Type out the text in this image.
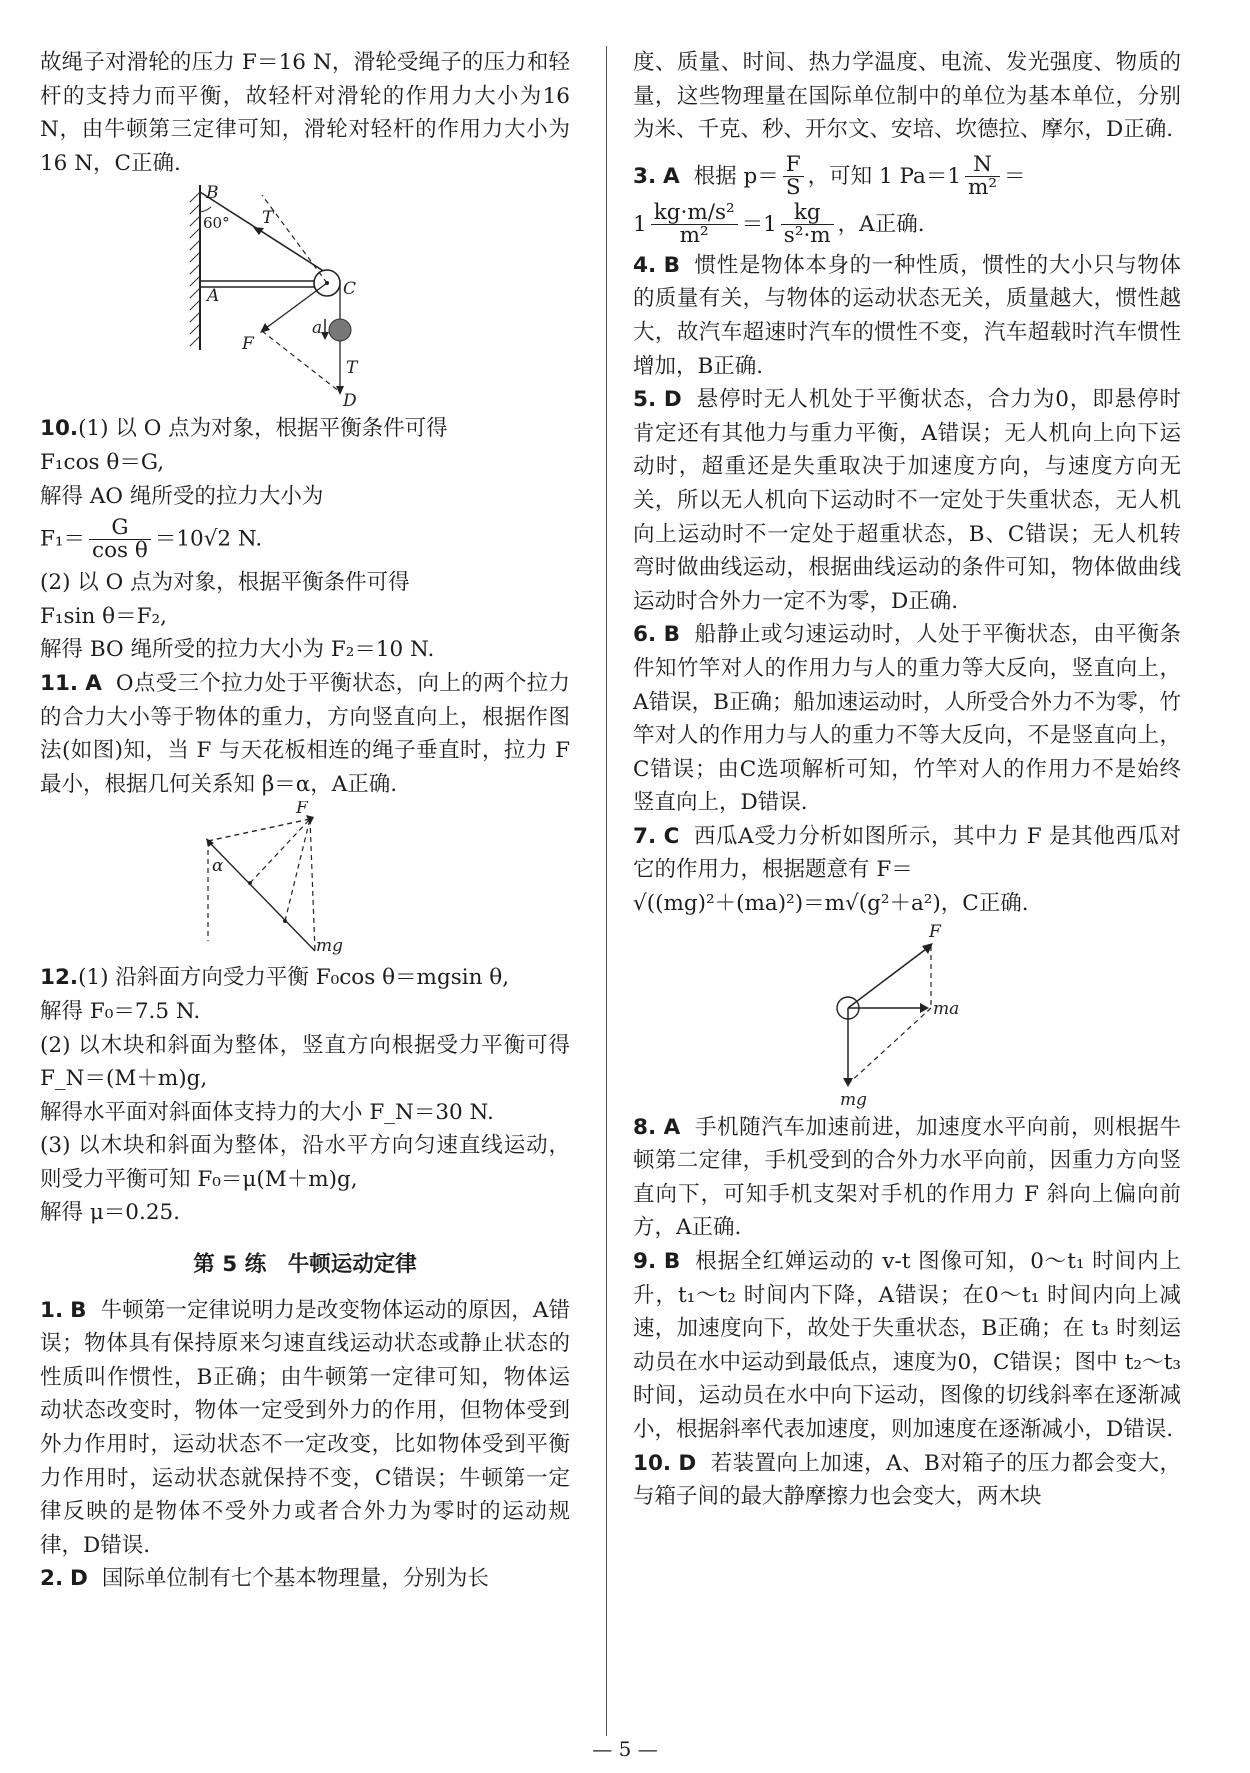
故绳子对滑轮的压力 F＝16 N，滑轮受绳子的压力和轻杆的支持力而平衡，故轻杆对滑轮的作用力大小为16 N，由牛顿第三定律可知，滑轮对轻杆的作用力大小为16 N，C正确.

B
60° T
A	C
a
F
T
D

10.(1) 以 O 点为对象，根据平衡条件可得

F₁cos θ＝G,

解得 AO 绳所受的拉力大小为

$F_1= \frac{G}{\text{cos θ}} =10√2$ N.

(2) 以 O 点为对象，根据平衡条件可得

F₁sin θ＝F₂,

解得 BO 绳所受的拉力大小为 F₂＝10 N.

11. A O点受三个拉力处于平衡状态，向上的两个拉力的合力大小等于物体的重力，方向竖直向上，根据作图法(如图)知，当 F 与天花板相连的绳子垂直时，拉力 F 最小，根据几何关系知 β＝α，A正确.

F
α
mg

12.(1) 沿斜面方向受力平衡 F₀cos θ＝mgsin θ,

解得 F₀＝7.5 N.

(2) 以木块和斜面为整体，竖直方向根据受力平衡可得 F_N＝(M＋m)g,

解得水平面对斜面体支持力的大小 F_N＝30 N.

(3) 以木块和斜面为整体，沿水平方向匀速直线运动，则受力平衡可知 F₀＝μ(M＋m)g,

解得 μ＝0.25.

第 5 练　牛顿运动定律

1. B 牛顿第一定律说明力是改变物体运动的原因，A错误；物体具有保持原来匀速直线运动状态或静止状态的性质叫作惯性，B正确；由牛顿第一定律可知，物体运动状态改变时，物体一定受到外力的作用，但物体受到外力作用时，运动状态不一定改变，比如物体受到平衡力作用时，运动状态就保持不变，C错误；牛顿第一定律反映的是物体不受外力或者合外力为零时的运动规律，D错误.

2. D 国际单位制有七个基本物理量，分别为长

度、质量、时间、热力学温度、电流、发光强度、物质的量，这些物理量在国际单位制中的单位为基本单位，分别为米、千克、秒、开尔文、安培、坎德拉、摩尔，D正确.

3. A 根据 $p= \frac{F}{S}$ ，可知 1 $Pa=1 \frac{N}{\text{m²}}$ ＝

$1 \frac{\text{kg·m/s²}}{\text{m²}} =1 \frac{kg}{\text{s²·m}}$ ，A正确.

4. B 惯性是物体本身的一种性质，惯性的大小只与物体的质量有关，与物体的运动状态无关，质量越大，惯性越大，故汽车超速时汽车的惯性不变，汽车超载时汽车惯性增加，B正确.

5. D 悬停时无人机处于平衡状态，合力为0，即悬停时肯定还有其他力与重力平衡，A错误；无人机向上向下运动时，超重还是失重取决于加速度方向，与速度方向无关，所以无人机向下运动时不一定处于失重状态，无人机向上运动时不一定处于超重状态，B、C错误；无人机转弯时做曲线运动，根据曲线运动的条件可知，物体做曲线运动时合外力一定不为零，D正确.

6. B 船静止或匀速运动时，人处于平衡状态，由平衡条件知竹竿对人的作用力与人的重力等大反向，竖直向上，A错误，B正确；船加速运动时，人所受合外力不为零，竹竿对人的作用力与人的重力不等大反向，不是竖直向上，C错误；由C选项解析可知，竹竿对人的作用力不是始终竖直向上，D错误.

7. C 西瓜A受力分析如图所示，其中力 F 是其他西瓜对它的作用力，根据题意有 F＝

√((mg)²＋(ma)²)＝m√(g²＋a²)，C正确.

F
ma
mg

8. A 手机随汽车加速前进，加速度水平向前，则根据牛顿第二定律，手机受到的合外力水平向前，因重力方向竖直向下，可知手机支架对手机的作用力 F 斜向上偏向前方，A正确.

9. B 根据全红婵运动的 v-t 图像可知，0～t₁ 时间内上升，t₁～t₂ 时间内下降，A错误；在0～t₁ 时间内向上减速，加速度向下，故处于失重状态，B正确；在 t₃ 时刻运动员在水中运动到最低点，速度为0，C错误；图中 t₂～t₃ 时间，运动员在水中向下运动，图像的切线斜率在逐渐减小，根据斜率代表加速度，则加速度在逐渐减小，D错误.

10. D 若装置向上加速，A、B对箱子的压力都会变大，与箱子间的最大静摩擦力也会变大，两木块

— 5 —
